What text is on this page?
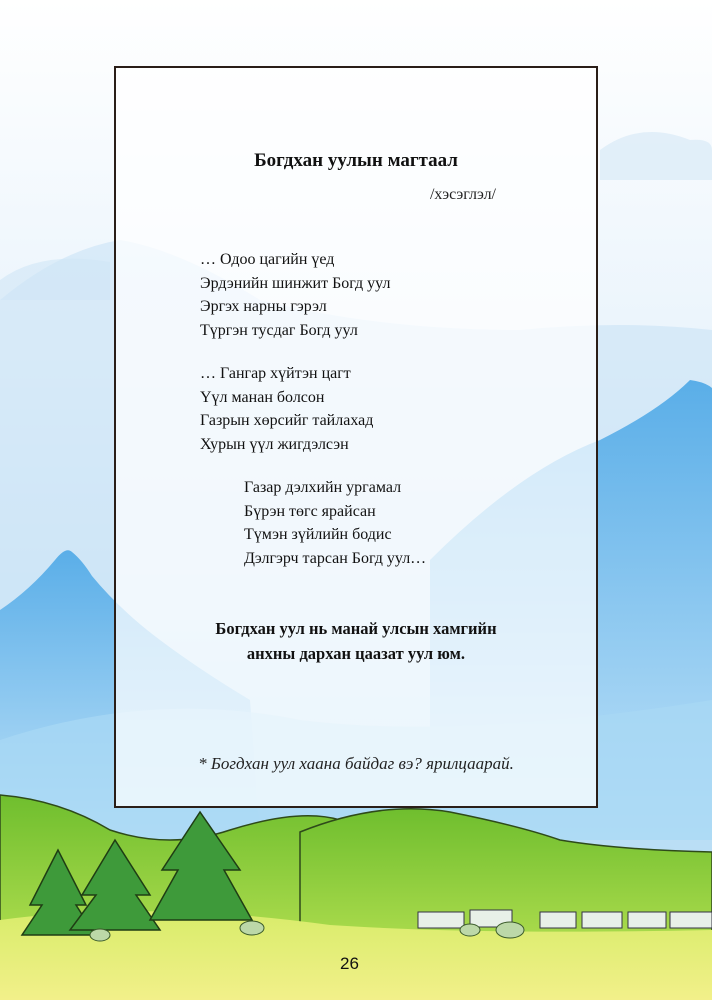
Богдхан уулын магтаал
/хэсэглэл/
… Одоо цагийн үед
Эрдэнийн шинжит Богд уул
Эргэх нарны гэрэл
Түргэн тусдаг Богд уул
… Гангар хүйтэн цагт
Үүл манан болсон
Газрын хөрсийг тайлахад
Хурын үүл жигдэлсэн
Газар дэлхийн ургамал
Бүрэн төгс ярайсан
Түмэн зүйлийн бодис
Дэлгэрч тарсан Богд уул…
Богдхан уул нь манай улсын хамгийн
анхны дархан цаазат уул юм.
* Богдхан уул хаана байдаг вэ? ярилцаарай.
26
